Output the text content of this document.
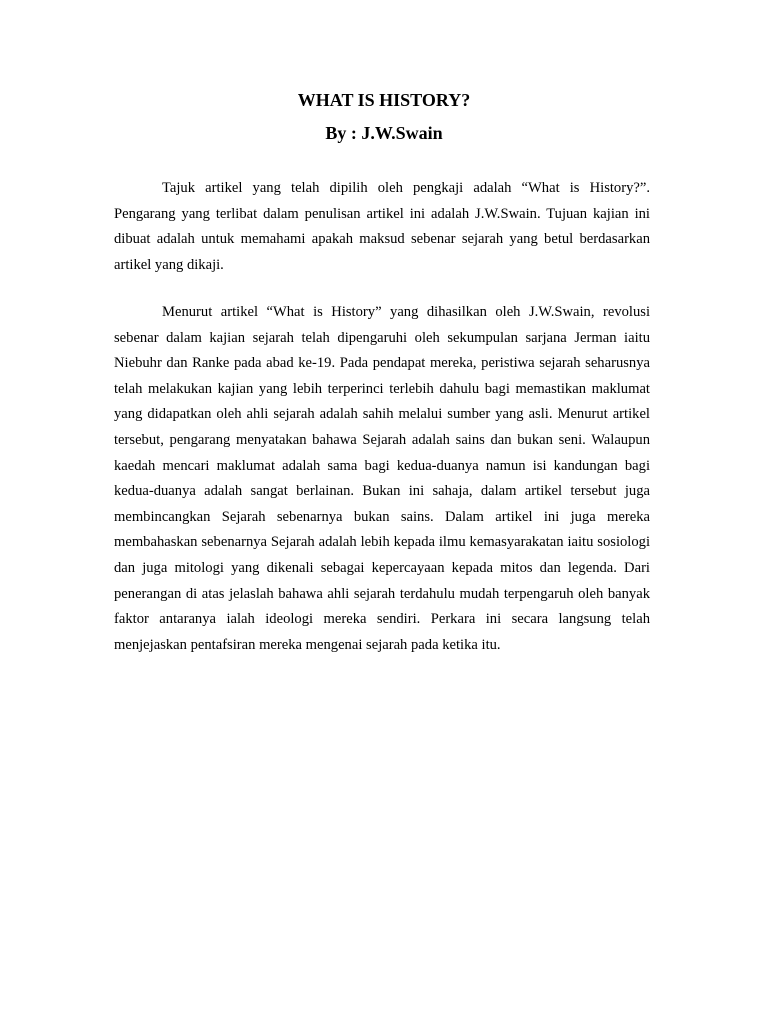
WHAT IS HISTORY?
By : J.W.Swain

Tajuk artikel yang telah dipilih oleh pengkaji adalah “What is History?”. Pengarang yang terlibat dalam penulisan artikel ini adalah J.W.Swain. Tujuan kajian ini dibuat adalah untuk memahami apakah maksud sebenar sejarah yang betul berdasarkan artikel yang dikaji.

Menurut artikel “What is History” yang dihasilkan oleh J.W.Swain, revolusi sebenar dalam kajian sejarah telah dipengaruhi oleh sekumpulan sarjana Jerman iaitu Niebuhr dan Ranke pada abad ke-19. Pada pendapat mereka, peristiwa sejarah seharusnya telah melakukan kajian yang lebih terperinci terlebih dahulu bagi memastikan maklumat yang didapatkan oleh ahli sejarah adalah sahih melalui sumber yang asli. Menurut artikel tersebut, pengarang menyatakan bahawa Sejarah adalah sains dan bukan seni. Walaupun kaedah mencari maklumat adalah sama bagi kedua-duanya namun isi kandungan bagi kedua-duanya adalah sangat berlainan. Bukan ini sahaja, dalam artikel tersebut juga membincangkan Sejarah sebenarnya bukan sains. Dalam artikel ini juga mereka membahaskan sebenarnya Sejarah adalah lebih kepada ilmu kemasyarakatan iaitu sosiologi dan juga mitologi yang dikenali sebagai kepercayaan kepada mitos dan legenda. Dari penerangan di atas jelaslah bahawa ahli sejarah terdahulu mudah terpengaruh oleh banyak faktor antaranya ialah ideologi mereka sendiri. Perkara ini secara langsung telah menjejaskan pentafsiran mereka mengenai sejarah pada ketika itu.
